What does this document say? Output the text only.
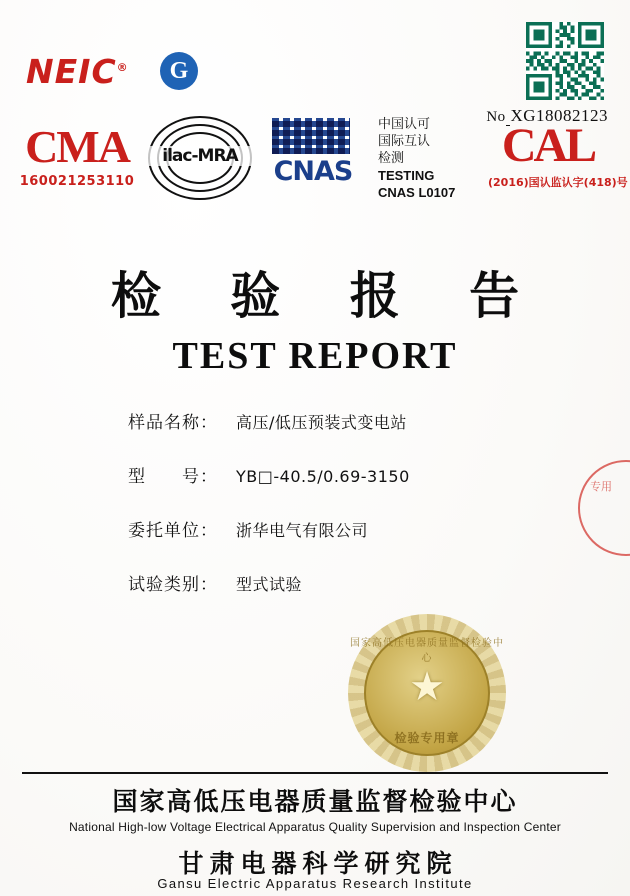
NEIC®	G
No XG18082123
CMA
160021253110
ilac-MRA	CNAS
中国认可
国际互认
检测
TESTING
CNAS L0107
CAL
(2016)国认监认字(418)号
检 验 报 告
TEST REPORT
样品名称：	高压/低压预装式变电站
型　　号：	YB□-40.5/0.69-3150
委托单位：	浙华电气有限公司
试验类别：	型式试验
国家高低压电器质量监督检验中心
★
检验专用章
专用
国家高低压电器质量监督检验中心
National High-low Voltage Electrical Apparatus Quality Supervision and Inspection Center
甘肃电器科学研究院
Gansu Electric Apparatus Research Institute
